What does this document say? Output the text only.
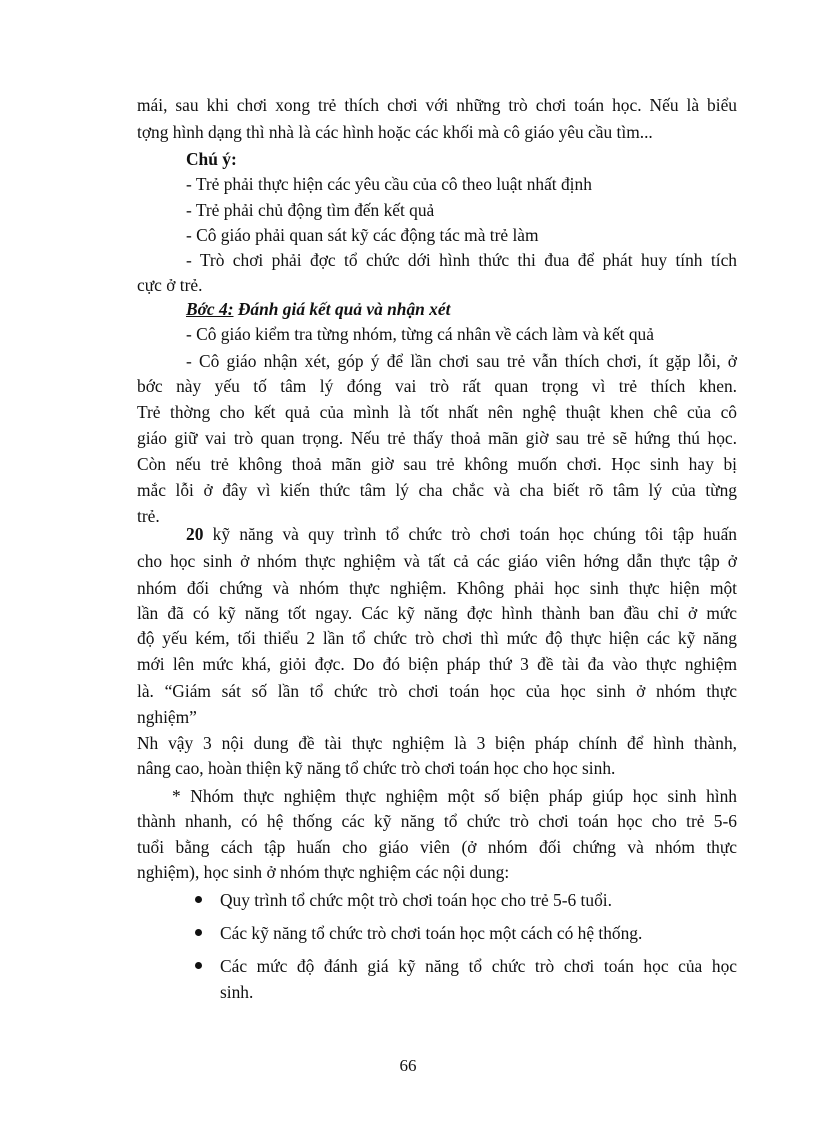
mái, sau khi chơi xong trẻ thích chơi với những trò chơi toán học. Nếu là biểu
tợng hình dạng thì nhà là các hình hoặc các khối mà cô giáo yêu cầu tìm...
Chú ý:
- Trẻ phải thực hiện các yêu cầu của cô theo luật nhất định
- Trẻ phải chủ động tìm đến kết quả
- Cô giáo phải quan sát kỹ các động tác mà trẻ làm
- Trò chơi phải đợc tổ chức dới hình thức thi đua để phát huy tính tích
cực ở trẻ.
Bớc 4: Đánh giá kết quả và nhận xét
- Cô giáo kiểm tra từng nhóm, từng cá nhân về cách làm và kết quả
- Cô giáo nhận xét, góp ý để lần chơi sau trẻ vẫn thích chơi, ít gặp lỗi, ở
bớc này yếu tố tâm lý đóng vai trò rất quan trọng vì trẻ thích khen.
Trẻ thờng cho kết quả của mình là tốt nhất nên nghệ thuật khen chê của cô
giáo giữ vai trò quan trọng. Nếu trẻ thấy thoả mãn giờ sau trẻ sẽ hứng thú học.
Còn nếu trẻ không thoả mãn giờ sau trẻ không muốn chơi. Học sinh hay bị
mắc lỗi ở đây vì kiến thức tâm lý cha chắc và cha biết rõ tâm lý của từng
trẻ.
20 kỹ năng và quy trình tổ chức trò chơi toán học chúng tôi tập huấn
cho học sinh ở nhóm thực nghiệm và tất cả các giáo viên hớng dẫn thực tập ở
nhóm đối chứng và nhóm thực nghiệm. Không phải học sinh thực hiện một
lần đã có kỹ năng tốt ngay. Các kỹ năng đợc hình thành ban đầu chỉ ở mức
độ yếu kém, tối thiểu 2 lần tổ chức trò chơi thì mức độ thực hiện các kỹ năng
mới lên mức khá, giỏi đợc. Do đó biện pháp thứ 3 đề tài đa vào thực nghiệm
là. “Giám sát số lần tổ chức trò chơi toán học của học sinh ở nhóm thực
nghiệm”
Nh vậy 3 nội dung đề tài thực nghiệm là 3 biện pháp chính để hình thành,
nâng cao, hoàn thiện kỹ năng tổ chức trò chơi toán học cho học sinh.
* Nhóm thực nghiệm thực nghiệm một số biện pháp giúp học sinh hình
thành nhanh, có hệ thống các kỹ năng tổ chức trò chơi toán học cho trẻ 5-6
tuổi bằng cách tập huấn cho giáo viên (ở nhóm đối chứng và nhóm thực
nghiệm), học sinh ở nhóm thực nghiệm các nội dung:
Quy trình tổ chức một trò chơi toán học cho trẻ 5-6 tuổi.
Các kỹ năng tổ chức trò chơi toán học một cách có hệ thống.
Các mức độ đánh giá kỹ năng tổ chức trò chơi toán học của học
sinh.
66
